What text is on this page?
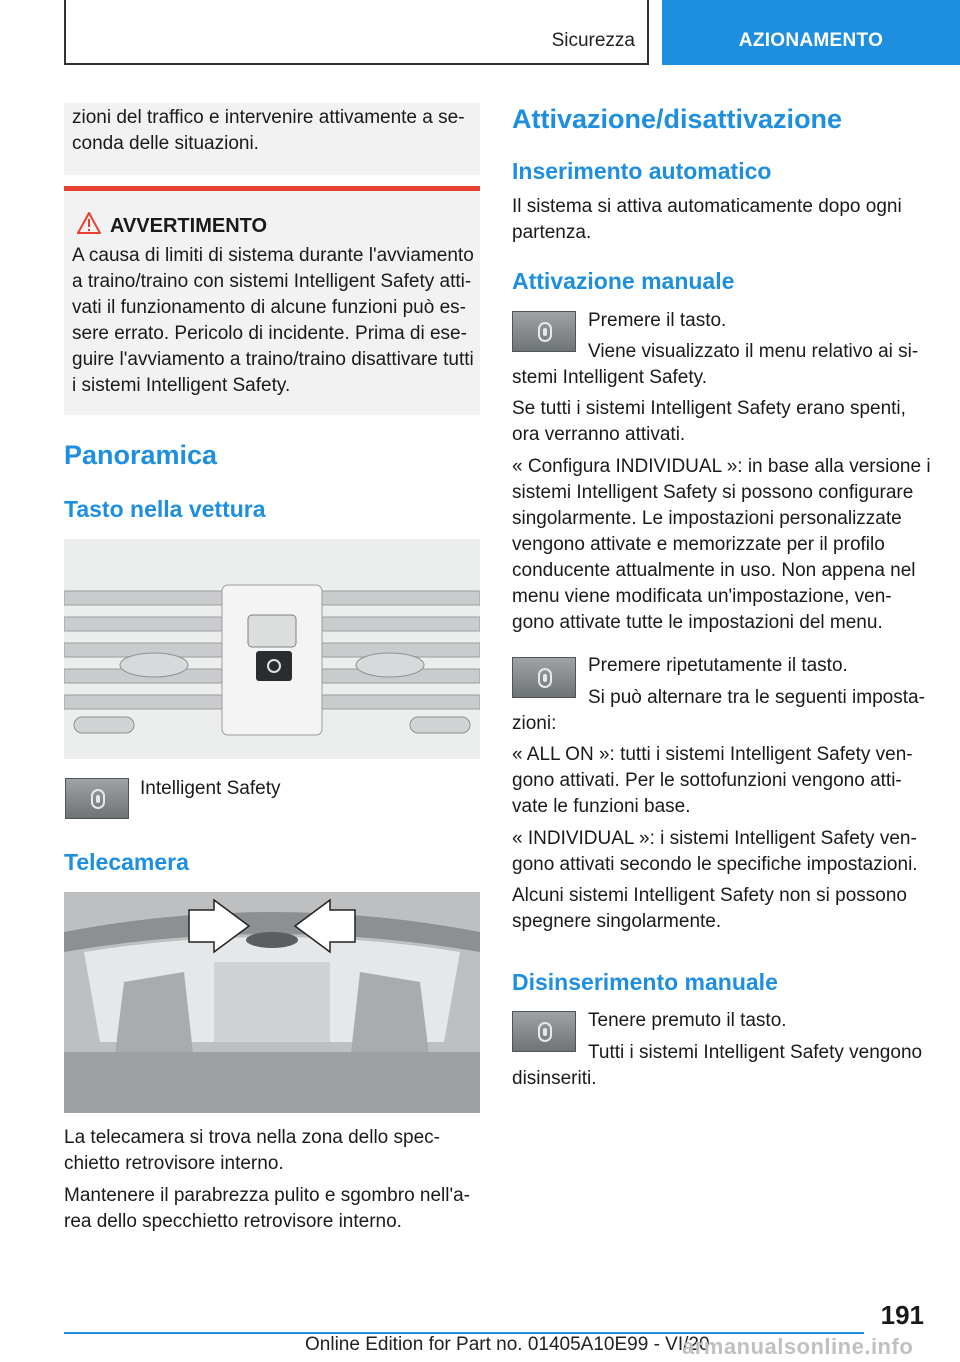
Sicurezza	AZIONAMENTO
zioni del traffico e intervenire attivamente a se-
conda delle situazioni.
AVVERTIMENTO
A causa di limiti di sistema durante l'avviamento
a traino/traino con sistemi Intelligent Safety atti-
vati il funzionamento di alcune funzioni può es-
sere errato. Pericolo di incidente. Prima di ese-
guire l'avviamento a traino/traino disattivare tutti
i sistemi Intelligent Safety.
Panoramica
Tasto nella vettura
Intelligent Safety
Telecamera
La telecamera si trova nella zona dello spec-
chietto retrovisore interno.
Mantenere il parabrezza pulito e sgombro nell'a-
rea dello specchietto retrovisore interno.
Attivazione/disattivazione
Inserimento automatico
Il sistema si attiva automaticamente dopo ogni
partenza.
Attivazione manuale
Premere il tasto.
Viene visualizzato il menu relativo ai si-
stemi Intelligent Safety.
Se tutti i sistemi Intelligent Safety erano spenti,
ora verranno attivati.
« Configura INDIVIDUAL »: in base alla versione i
sistemi Intelligent Safety si possono configurare
singolarmente. Le impostazioni personalizzate
vengono attivate e memorizzate per il profilo
conducente attualmente in uso. Non appena nel
menu viene modificata un'impostazione, ven-
gono attivate tutte le impostazioni del menu.
Premere ripetutamente il tasto.
Si può alternare tra le seguenti imposta-
zioni:
« ALL ON »: tutti i sistemi Intelligent Safety ven-
gono attivati. Per le sottofunzioni vengono atti-
vate le funzioni base.
« INDIVIDUAL »: i sistemi Intelligent Safety ven-
gono attivati secondo le specifiche impostazioni.
Alcuni sistemi Intelligent Safety non si possono
spegnere singolarmente.
Disinserimento manuale
Tenere premuto il tasto.
Tutti i sistemi Intelligent Safety vengono
disinseriti.
191
Online Edition for Part no. 01405A10E99 - VI/20
armanualsonline.info
